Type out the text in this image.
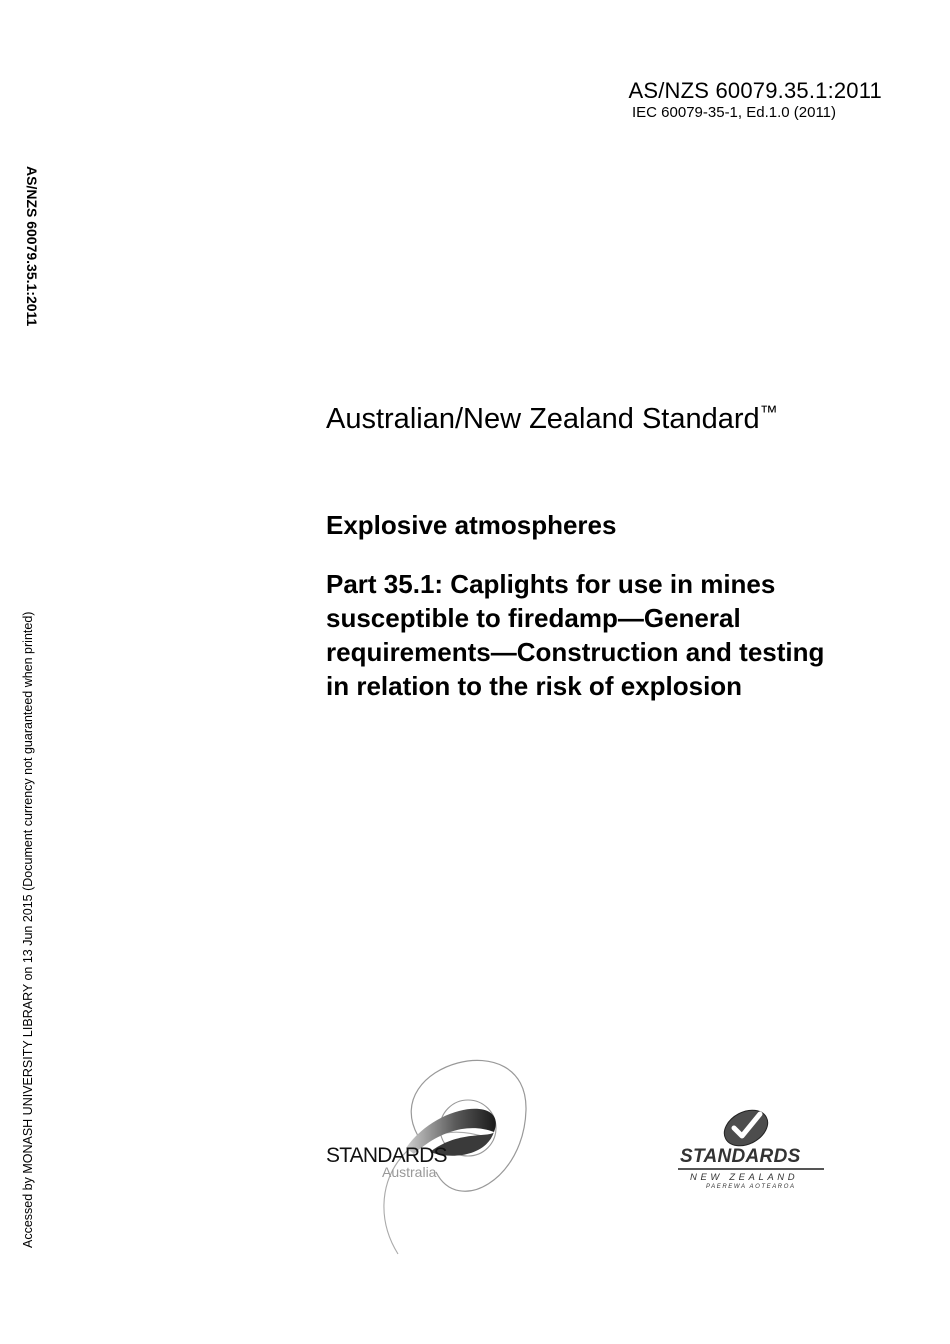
AS/NZS 60079.35.1:2011
IEC 60079-35-1, Ed.1.0 (2011)
AS/NZS 60079.35.1:2011
Accessed by MONASH UNIVERSITY LIBRARY on 13 Jun 2015 (Document currency not guaranteed when printed)
Australian/New Zealand Standard™
Explosive atmospheres
Part 35.1: Caplights for use in mines
susceptible to firedamp—General
requirements—Construction and testing
in relation to the risk of explosion
STANDARDS
Australia
STANDARDS
NEW ZEALAND
PAEREWA AOTEAROA
